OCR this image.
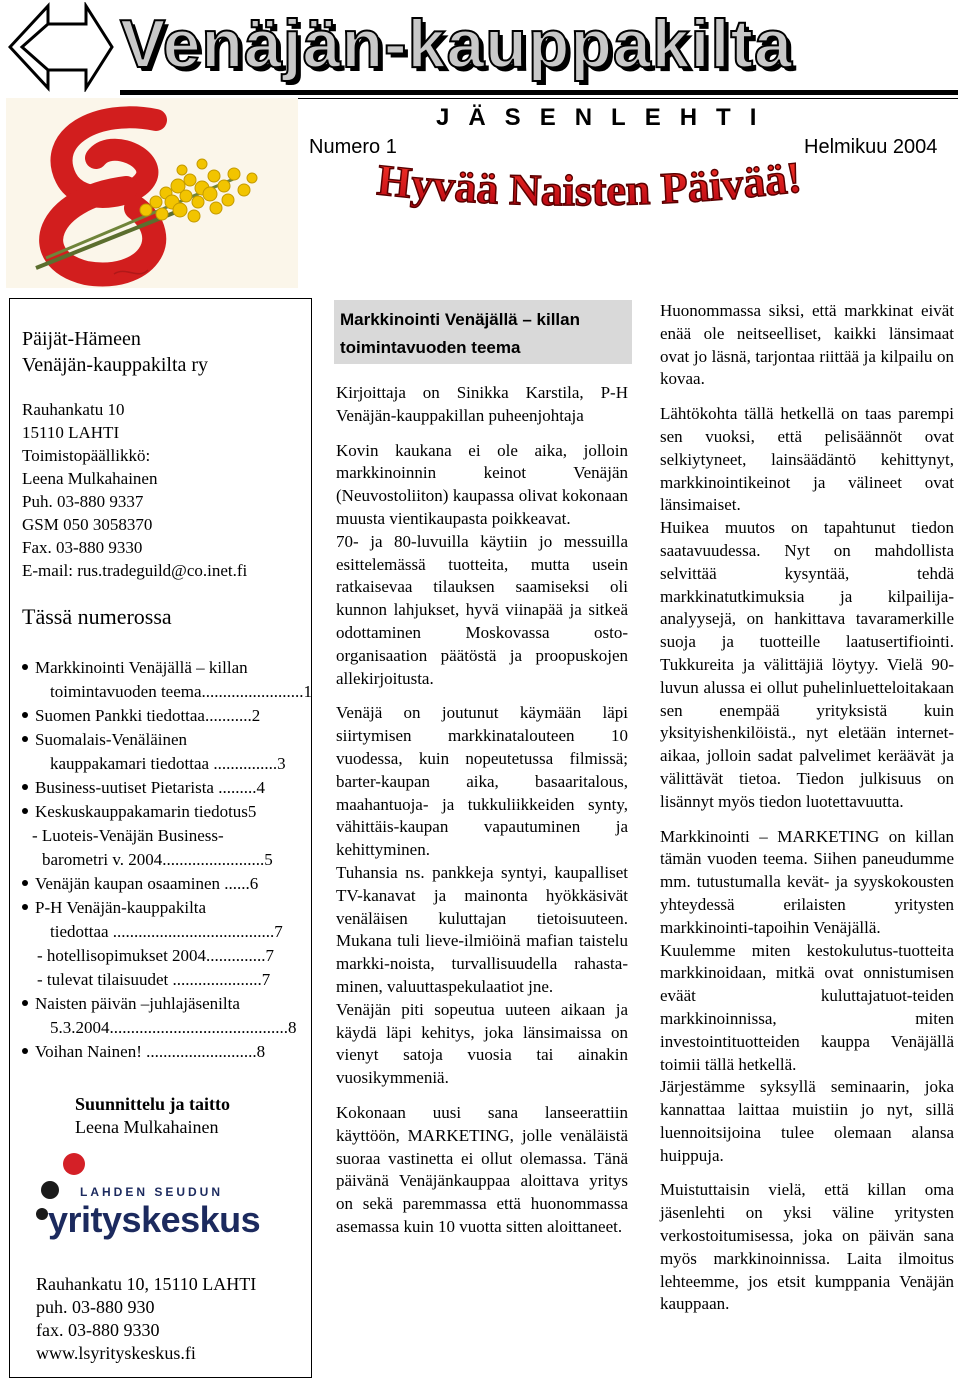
Venäjän-kauppakilta
JÄSENLEHTI
Numero 1	Helmikuu 2004
Hyvää Naisten Päivää!
Päijät-Hämeen
Venäjän-kauppakilta ry
Rauhankatu 10
15110 LAHTI
Toimistopäällikkö:
Leena Mulkahainen
Puh. 03-880 9337
GSM 050 3058370
Fax. 03-880 9330
E-mail: rus.tradeguild@co.inet.fi
Tässä numerossa
Markkinointi Venäjällä – killan
toimintavuoden teema........................1
Suomen Pankki tiedottaa...........2
Suomalais-Venäläinen
kauppakamari tiedottaa ...............3
Business-uutiset Pietarista .........4
Keskuskauppakamarin tiedotus5
- Luoteis-Venäjän Business-
barometri v. 2004........................5
Venäjän kaupan osaaminen ......6
P-H Venäjän-kauppakilta
tiedottaa ......................................7
- hotellisopimukset 2004..............7
- tulevat tilaisuudet .....................7
Naisten päivän –juhlajäsenilta
5.3.2004..........................................8
Voihan Nainen! ..........................8
Suunnittelu ja taitto
Leena Mulkahainen
LAHDEN SEUDUN
yrityskeskus
Rauhankatu 10, 15110 LAHTI
puh. 03-880 930
fax. 03-880 9330
www.lsyrityskeskus.fi
Markkinointi Venäjällä – killan
toimintavuoden teema

Kirjoittaja on Sinikka Karstila, P-H Venäjän-kauppakillan puheenjohtaja

Kovin kaukana ei ole aika, jolloin markkinoinnin keinot Venäjän (Neuvostoliiton) kaupassa olivat kokonaan muusta vientikaupasta poikkeavat.

70- ja 80-luvuilla käytiin jo messuilla esittelemässä tuotteita, mutta usein ratkaisevaa tilauksen saamiseksi oli kunnon lahjukset, hyvä viinapää ja sitkeä odottaminen Moskovassa osto-organisaation päätöstä ja proopuskojen allekirjoitusta.

Venäjä on joutunut käymään läpi siirtymisen markkinatalouteen 10 vuodessa, kuin nopeutetussa filmissä; barter-kaupan aika, basaaritalous, maahantuoja- ja tukkuliikkeiden synty, vähittäis-kaupan vapautuminen ja kehittyminen.

Tuhansia ns. pankkeja syntyi, kaupalliset TV-kanavat ja mainonta hyökkäsivät venäläisen kuluttajan tietoisuuteen. Mukana tuli lieve-ilmiöinä mafian taistelu markki-noista, turvallisuudella rahasta-minen, valuuttaspekulaatiot jne.

Venäjän piti sopeutua uuteen aikaan ja käydä läpi kehitys, joka länsimaissa on vienyt satoja vuosia tai ainakin vuosikymmeniä.

Kokonaan uusi sana lanseerattiin käyttöön, MARKETING, jolle venäläistä suoraa vastinetta ei ollut olemassa. Tänä päivänä Venäjänkauppaa aloittava yritys on sekä paremmassa että huonommassa asemassa kuin 10 vuotta sitten aloittaneet.

Huonommassa siksi, että markkinat eivät enää ole neitseelliset, kaikki länsimaat ovat jo läsnä, tarjontaa riittää ja kilpailu on kovaa.

Lähtökohta tällä hetkellä on taas parempi sen vuoksi, että pelisäännöt ovat selkiytyneet, lainsäädäntö kehittynyt, markkinointikeinot ja välineet ovat länsimaiset.

Huikea muutos on tapahtunut tiedon saatavuudessa. Nyt on mahdollista selvittää kysyntää, tehdä markkinatutkimuksia ja kilpailija-analyysejä, on hankittava tavaramerkille suoja ja tuotteille laatusertifiointi. Tukkureita ja välittäjiä löytyy. Vielä 90-luvun alussa ei ollut puhelinluetteloitakaan sen enempää yrityksistä kuin yksityishenkilöistä., nyt eletään internet-aikaa, jolloin sadat palvelimet keräävät ja välittävät tietoa. Tiedon julkisuus on lisännyt myös tiedon luotettavuutta.

Markkinointi – MARKETING on killan tämän vuoden teema. Siihen paneudumme mm. tutustumalla kevät- ja syyskokousten yhteydessä erilaisten yritysten markkinointi-tapoihin Venäjällä.

Kuulemme miten kestokulutus-tuotteita markkinoidaan, mitkä ovat onnistumisen eväät kuluttajatuot-teiden markkinoinnissa, miten investointituotteiden kauppa Venäjällä toimii tällä hetkellä.

Järjestämme syksyllä seminaarin, joka kannattaa laittaa muistiin jo nyt, sillä luennoitsijoina tulee olemaan alansa huippuja.

Muistuttaisin vielä, että killan oma jäsenlehti on yksi väline yritysten verkostoitumisessa, joka on päivän sana myös markkinoinnissa. Laita ilmoitus lehteemme, jos etsit kumppania Venäjän kauppaan.
